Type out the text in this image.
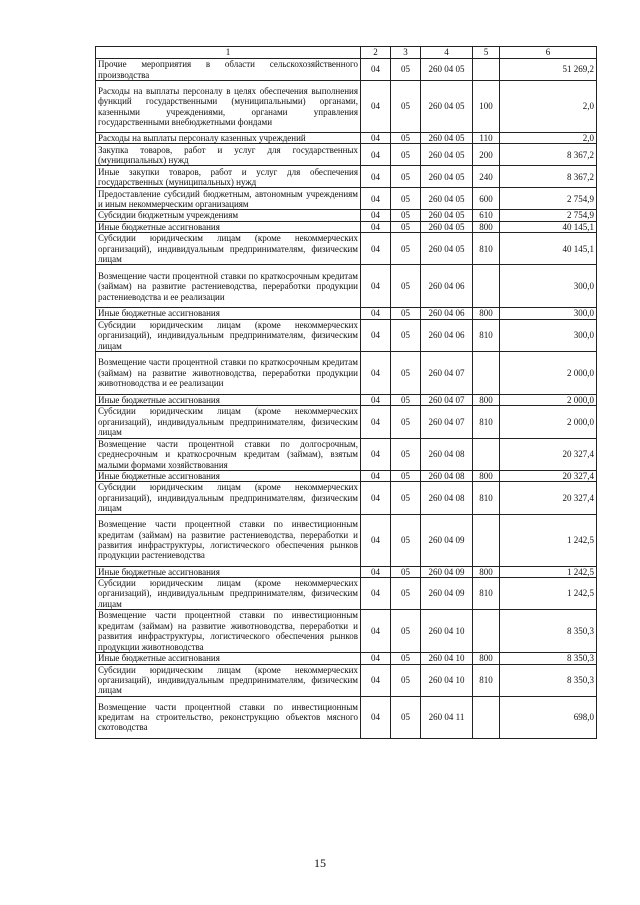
1	2	3	4	5	6
Прочие мероприятия в области сельскохозяйственного производства	04	05	260 04 05		51 269,2
Расходы на выплаты персоналу в целях обеспечения выполнения функций государственными (муниципальными) органами, казенными учреждениями, органами управления государственными внебюджетными фондами	04	05	260 04 05	100	2,0
Расходы на выплаты персоналу казенных учреждений	04	05	260 04 05	110	2,0
Закупка товаров, работ и услуг для государственных (муниципальных) нужд	04	05	260 04 05	200	8 367,2
Иные закупки товаров, работ и услуг для обеспечения государственных (муниципальных) нужд	04	05	260 04 05	240	8 367,2
Предоставление субсидий бюджетным, автономным учреждениям и иным некоммерческим организациям	04	05	260 04 05	600	2 754,9
Субсидии бюджетным учреждениям	04	05	260 04 05	610	2 754,9
Иные бюджетные ассигнования	04	05	260 04 05	800	40 145,1
Субсидии юридическим лицам (кроме некоммерческих организаций), индивидуальным предпринимателям, физическим лицам	04	05	260 04 05	810	40 145,1
Возмещение части процентной ставки по краткосрочным кредитам (займам) на развитие растениеводства, переработки продукции растениеводства и ее реализации	04	05	260 04 06		300,0
Иные бюджетные ассигнования	04	05	260 04 06	800	300,0
Субсидии юридическим лицам (кроме некоммерческих организаций), индивидуальным предпринимателям, физическим лицам	04	05	260 04 06	810	300,0
Возмещение части процентной ставки по краткосрочным кредитам (займам) на развитие животноводства, переработки продукции животноводства и ее реализации	04	05	260 04 07		2 000,0
Иные бюджетные ассигнования	04	05	260 04 07	800	2 000,0
Субсидии юридическим лицам (кроме некоммерческих организаций), индивидуальным предпринимателям, физическим лицам	04	05	260 04 07	810	2 000,0
Возмещение части процентной ставки по долгосрочным, среднесрочным и краткосрочным кредитам (займам), взятым малыми формами хозяйствования	04	05	260 04 08		20 327,4
Иные бюджетные ассигнования	04	05	260 04 08	800	20 327,4
Субсидии юридическим лицам (кроме некоммерческих организаций), индивидуальным предпринимателям, физическим лицам	04	05	260 04 08	810	20 327,4
Возмещение части процентной ставки по инвестиционным кредитам (займам) на развитие растениеводства, переработки и развития инфраструктуры, логистического обеспечения рынков продукции растениеводства	04	05	260 04 09		1 242,5
Иные бюджетные ассигнования	04	05	260 04 09	800	1 242,5
Субсидии юридическим лицам (кроме некоммерческих организаций), индивидуальным предпринимателям, физическим лицам	04	05	260 04 09	810	1 242,5
Возмещение части процентной ставки по инвестиционным кредитам (займам) на развитие животноводства, переработки и развития инфраструктуры, логистического обеспечения рынков продукции животноводства	04	05	260 04 10		8 350,3
Иные бюджетные ассигнования	04	05	260 04 10	800	8 350,3
Субсидии юридическим лицам (кроме некоммерческих организаций), индивидуальным предпринимателям, физическим лицам	04	05	260 04 10	810	8 350,3
Возмещение части процентной ставки по инвестиционным кредитам на строительство, реконструкцию объектов мясного скотоводства	04	05	260 04 11		698,0
15
